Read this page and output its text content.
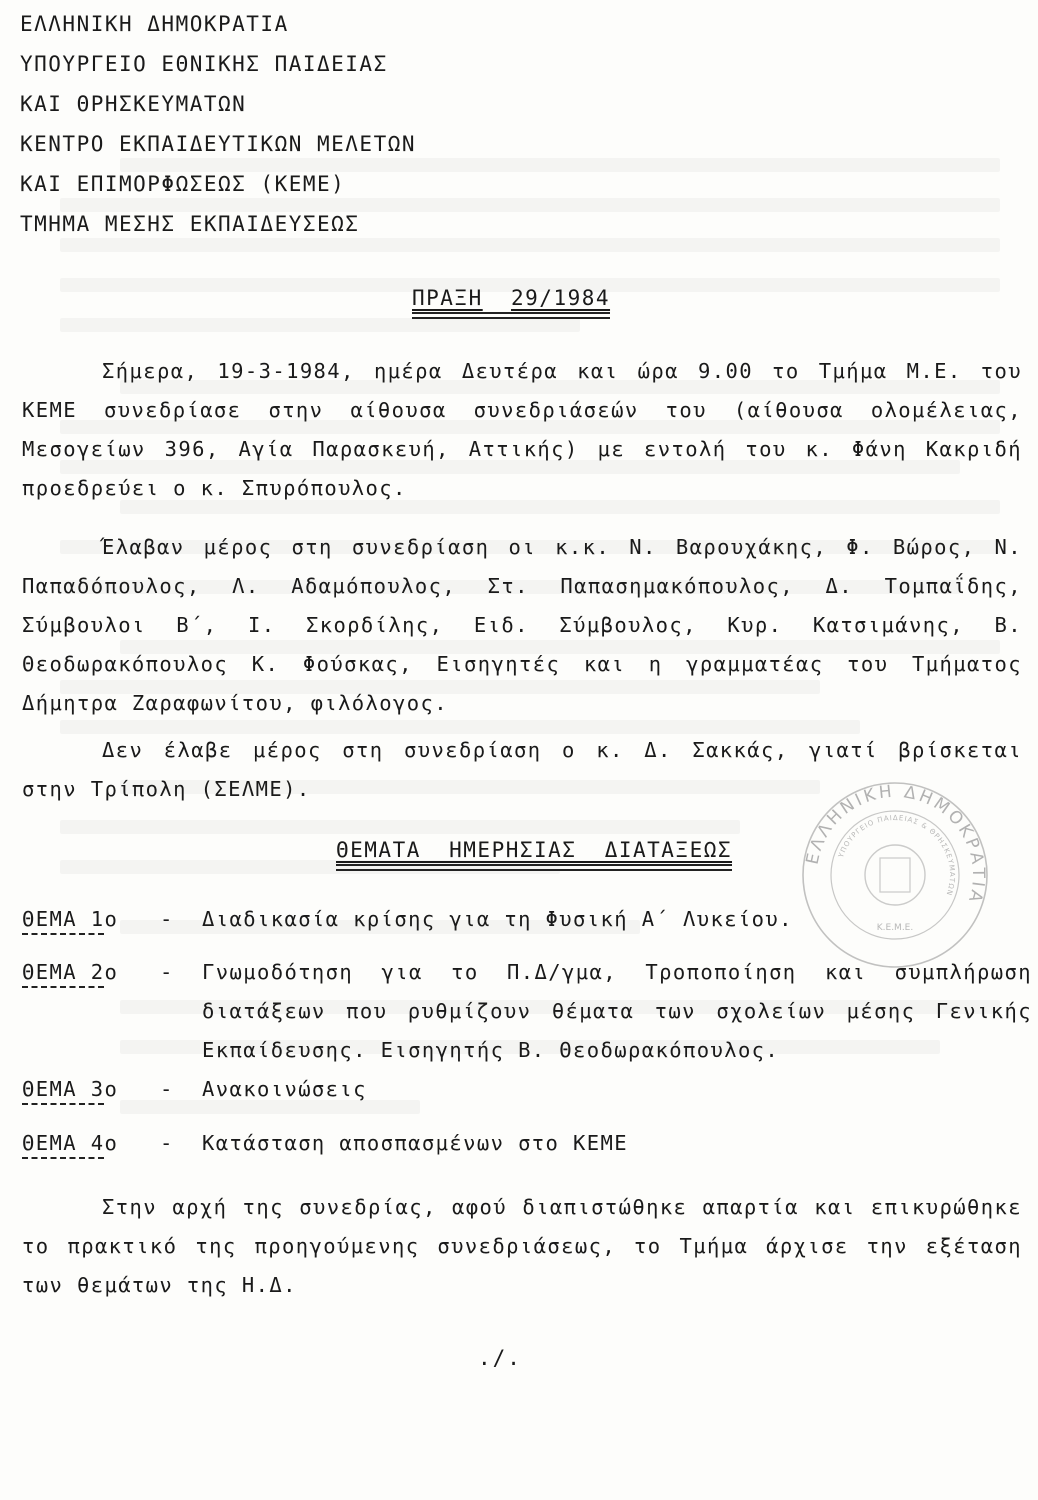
ΕΛΛΗΝΙΚΗ ΔΗΜΟΚΡΑΤΙΑ
ΥΠΟΥΡΓΕΙΟ ΕΘΝΙΚΗΣ ΠΑΙΔΕΙΑΣ
ΚΑΙ ΘΡΗΣΚΕΥΜΑΤΩΝ
ΚΕΝΤΡΟ ΕΚΠΑΙΔΕΥΤΙΚΩΝ ΜΕΛΕΤΩΝ
ΚΑΙ ΕΠΙΜΟΡΦΩΣΕΩΣ (ΚΕΜΕ)
ΤΜΗΜΑ ΜΕΣΗΣ ΕΚΠΑΙΔΕΥΣΕΩΣ
ΠΡΑΞΗ 29/1984

Σήμερα, 19-3-1984, ημέρα Δευτέρα και ώρα 9.00 το Τμήμα Μ.Ε. του ΚΕΜΕ συνεδρίασε στην αίθουσα συνεδριάσεών του (αίθουσα ολομέλειας, Μεσογείων 396, Αγία Παρασκευή, Αττικής) με εντολή του κ. Φάνη Κακριδή προεδρεύει ο κ. Σπυρόπουλος.

Έλαβαν μέρος στη συνεδρίαση οι κ.κ. Ν. Βαρουχάκης, Φ. Βώρος, Ν. Παπαδόπουλος, Λ. Αδαμόπουλος, Στ. Παπασημακόπουλος, Δ. Τομπαΐδης, Σύμβουλοι Β΄, Ι. Σκορδίλης, Ειδ. Σύμβουλος, Κυρ. Κατσιμάνης, Β. Θεοδωρακόπουλος Κ. Φούσκας, Εισηγητές και η γραμματέας του Τμήματος Δήμητρα Ζαραφωνίτου, φιλόλογος.

Δεν έλαβε μέρος στη συνεδρίαση ο κ. Δ. Σακκάς, γιατί βρίσκεται στην Τρίπολη (ΣΕΛΜΕ).

ΘΕΜΑΤΑ  ΗΜΕΡΗΣΙΑΣ  ΔΙΑΤΑΞΕΩΣ
ΘΕΜΑ 1ο - Διαδικασία κρίσης για τη Φυσική Α΄ Λυκείου.
ΘΕΜΑ 2ο - Γνωμοδότηση για το Π.Δ/γμα, Τροποποίηση και συμπλήρωση διατάξεων που ρυθμίζουν θέματα των σχολείων μέσης Γενικής Εκπαίδευσης. Εισηγητής Β. Θεοδωρακόπουλος.
ΘΕΜΑ 3ο - Ανακοινώσεις
ΘΕΜΑ 4ο - Κατάσταση αποσπασμένων στο ΚΕΜΕ

Στην αρχή της συνεδρίας, αφού διαπιστώθηκε απαρτία και επικυρώθηκε το πρακτικό της προηγούμενης συνεδριάσεως, το Τμήμα άρχισε την εξέταση των θεμάτων της Η.Δ.

./.
ΕΛΛΗΝΙΚΗ ΔΗΜΟΚΡΑΤΙΑ
ΥΠΟΥΡΓΕΙΟ ΠΑΙΔΕΙΑΣ & ΘΡΗΣΚΕΥΜΑΤΩΝ
Κ.Ε.Μ.Ε.
